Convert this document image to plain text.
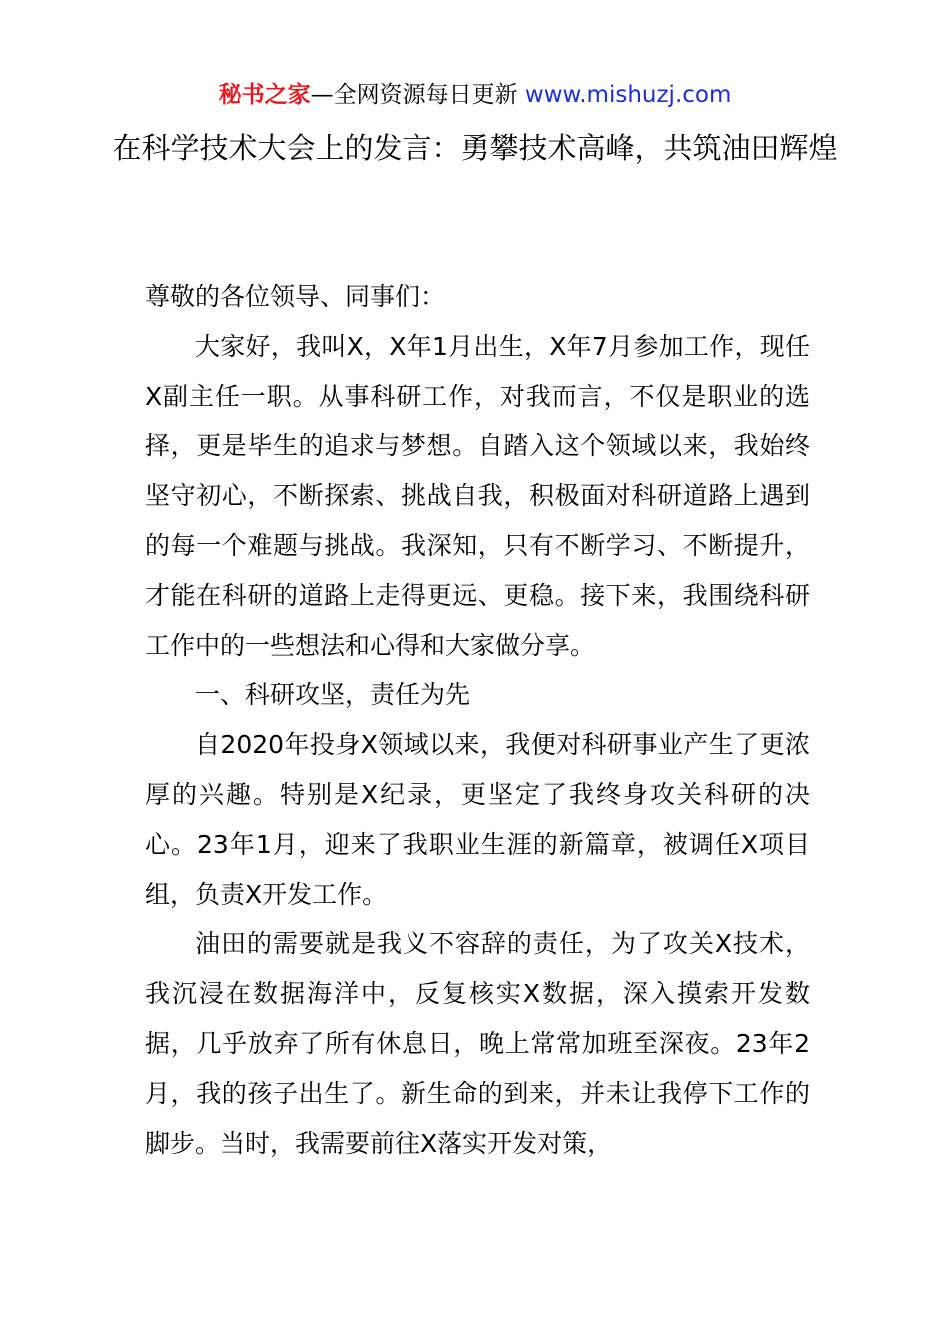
秘书之家—全网资源每日更新 www.mishuzj.com
在科学技术大会上的发言：勇攀技术高峰，共筑油田辉煌

尊敬的各位领导、同事们：

大家好，我叫X，X年1月出生，X年7月参加工作，现任X副主任一职。从事科研工作，对我而言，不仅是职业的选择，更是毕生的追求与梦想。自踏入这个领域以来，我始终坚守初心，不断探索、挑战自我，积极面对科研道路上遇到的每一个难题与挑战。我深知，只有不断学习、不断提升，才能在科研的道路上走得更远、更稳。接下来，我围绕科研工作中的一些想法和心得和大家做分享。

一、科研攻坚，责任为先

自2020年投身X领域以来，我便对科研事业产生了更浓厚的兴趣。特别是X纪录，更坚定了我终身攻关科研的决心。23年1月，迎来了我职业生涯的新篇章，被调任X项目组，负责X开发工作。

油田的需要就是我义不容辞的责任，为了攻关X技术，我沉浸在数据海洋中，反复核实X数据，深入摸索开发数据，几乎放弃了所有休息日，晚上常常加班至深夜。23年2月，我的孩子出生了。新生命的到来，并未让我停下工作的脚步。当时，我需要前往X落实开发对策，
